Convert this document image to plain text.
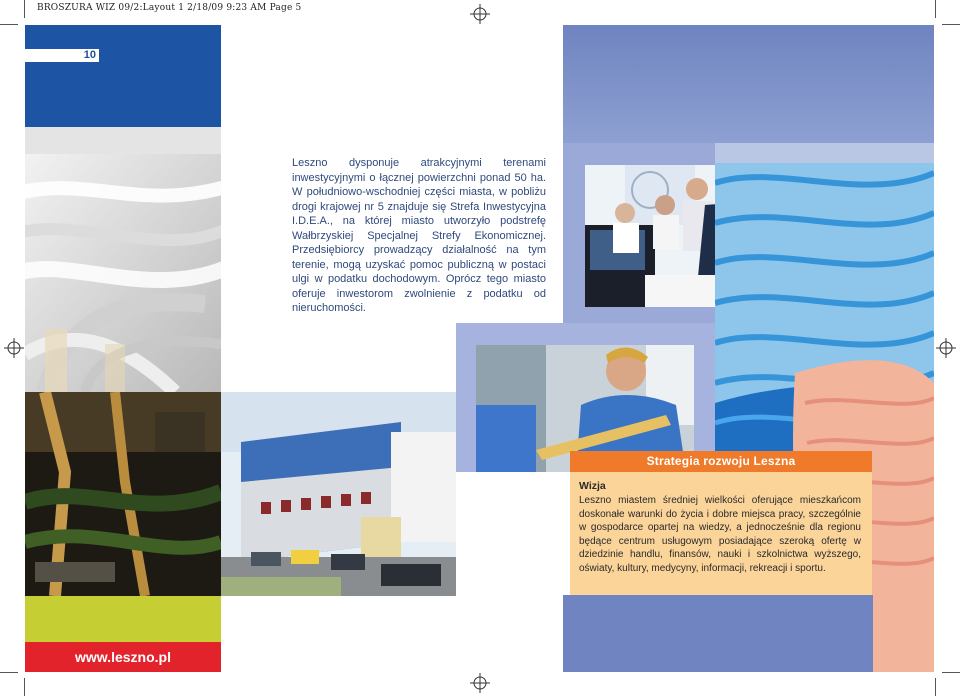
BROSZURA WIZ 09/2:Layout 1 2/18/09 9:23 AM Page 5
10
www.leszno.pl

Leszno dysponuje atrakcyjnymi terenami inwestycyjnymi o łącznej powierzchni ponad 50 ha. W południowo-wschodniej części miasta, w pobliżu drogi krajowej nr 5 znajduje się Strefa Inwestycyjna I.D.E.A., na której miasto utworzyło podstrefę Wałbrzyskiej Specjalnej Strefy Ekonomicznej. Przedsiębiorcy prowadzący działalność na tym terenie, mogą uzyskać pomoc publiczną w postaci ulgi w podatku dochodowym. Oprócz tego miasto oferuje inwestorom zwolnienie z podatku od nieruchomości.

Strategia rozwoju Leszna
Wizja
Leszno miastem średniej wielkości oferujące mieszkańcom doskonałe warunki do życia i dobre miejsca pracy, szczególnie w gospodarce opartej na wiedzy, a jednocześnie dla regionu będące centrum usługowym posiadające szeroką ofertę w dziedzinie handlu, finansów, nauki i szkolnictwa wyższego, oświaty, kultury, medycyny, informacji, rekreacji i sportu.
